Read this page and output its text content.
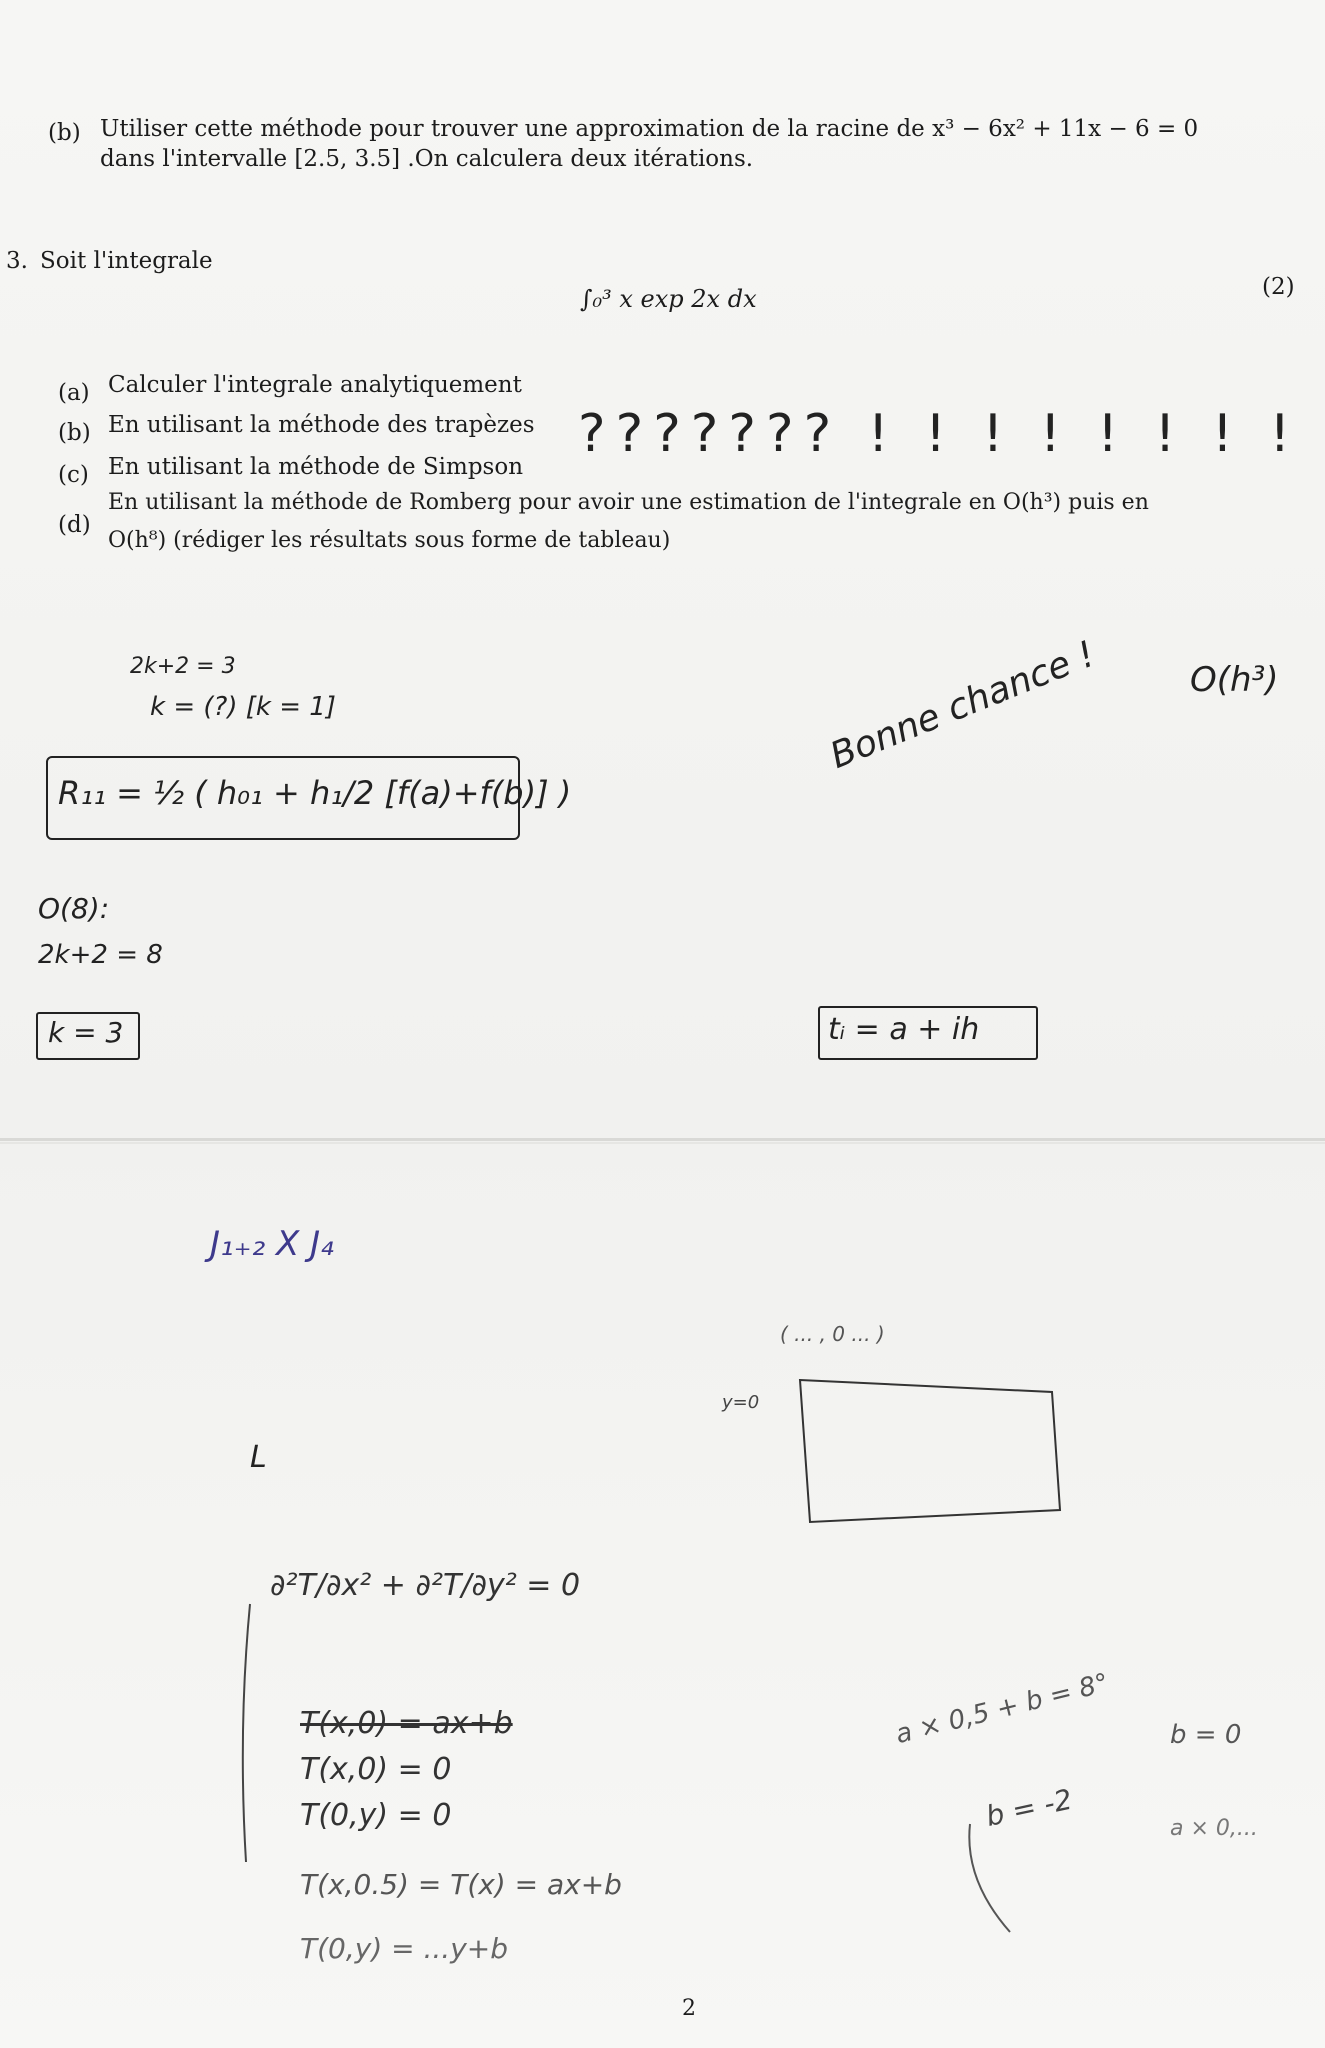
(b) Utiliser cette méthode pour trouver une approximation de la racine de x³ − 6x² + 11x − 6 = 0
dans l'intervalle [2.5, 3.5] .On calculera deux itérations.
3. Soit l'integrale
∫₀³ x exp 2x dx	(2)
(a) Calculer l'integrale analytiquement
(b) En utilisant la méthode des trapèzes
(c) En utilisant la méthode de Simpson
(d)
En utilisant la méthode de Romberg pour avoir une estimation de l'integrale en O(h³) puis en
O(h⁸) (rédiger les résultats sous forme de tableau)
??????? ! ! ! ! ! ! ! !
2k+2 = 3
k = (?) [k = 1]
R₁₁ = ½ ( h₀₁ + h₁/2 [f(a)+f(b)] )
O(8):
2k+2 = 8
k = 3
Bonne chance !	O(h³)
tᵢ = a + ih
J₁₊₂ X J₄
L
( ... , 0 ... )
y=0
∂²T/∂x² + ∂²T/∂y² = 0
T(x,0) = ax+b
T(x,0) = 0
T(0,y) = 0
T(x,0.5) = T(x) = ax+b
T(0,y) = ...y+b
a × 0,5 + b = 8° b = 0
b = -2	a × 0,...
2
